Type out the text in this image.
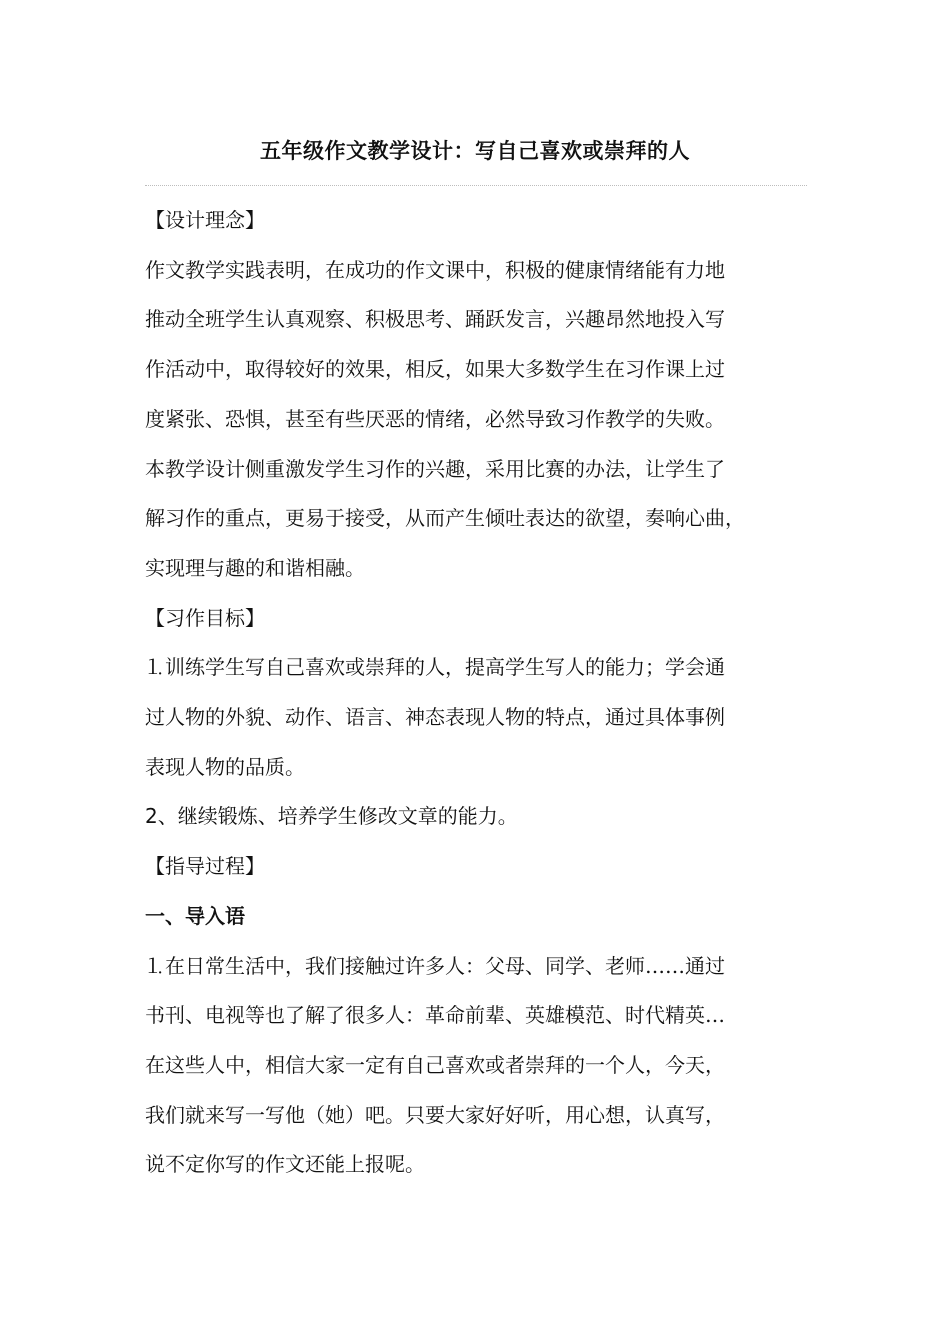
五年级作文教学设计：写自己喜欢或崇拜的人

【设计理念】

作文教学实践表明，在成功的作文课中，积极的健康情绪能有力地

推动全班学生认真观察、积极思考、踊跃发言，兴趣昂然地投入写

作活动中，取得较好的效果，相反，如果大多数学生在习作课上过

度紧张、恐惧，甚至有些厌恶的情绪，必然导致习作教学的失败。

本教学设计侧重激发学生习作的兴趣，采用比赛的办法，让学生了

解习作的重点，更易于接受，从而产生倾吐表达的欲望，奏响心曲，

实现理与趣的和谐相融。

【习作目标】

⒈训练学生写自己喜欢或崇拜的人，提高学生写人的能力；学会通

过人物的外貌、动作、语言、神态表现人物的特点，通过具体事例

表现人物的品质。

2、继续锻炼、培养学生修改文章的能力。

【指导过程】

一、导入语

⒈在日常生活中，我们接触过许多人：父母、同学、老师……通过

书刊、电视等也了解了很多人：革命前辈、英雄模范、时代精英…

在这些人中，相信大家一定有自己喜欢或者崇拜的一个人，今天，

我们就来写一写他（她）吧。只要大家好好听，用心想，认真写，

说不定你写的作文还能上报呢。
